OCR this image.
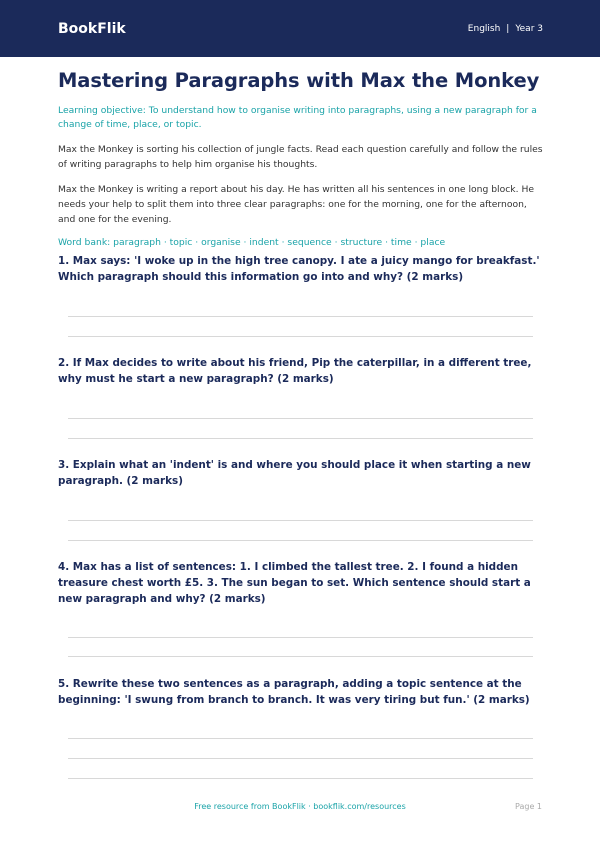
BookFlik	English | Year 3
Mastering Paragraphs with Max the Monkey

Learning objective: To understand how to organise writing into paragraphs, using a new paragraph for a change of time, place, or topic.

Max the Monkey is sorting his collection of jungle facts. Read each question carefully and follow the rules of writing paragraphs to help him organise his thoughts.

Max the Monkey is writing a report about his day. He has written all his sentences in one long block. He needs your help to split them into three clear paragraphs: one for the morning, one for the afternoon, and one for the evening.

Word bank: paragraph · topic · organise · indent · sequence · structure · time · place

1. Max says: 'I woke up in the high tree canopy. I ate a juicy mango for breakfast.' Which paragraph should this information go into and why? (2 marks)

2. If Max decides to write about his friend, Pip the caterpillar, in a different tree, why must he start a new paragraph? (2 marks)

3. Explain what an 'indent' is and where you should place it when starting a new paragraph. (2 marks)

4. Max has a list of sentences: 1. I climbed the tallest tree. 2. I found a hidden treasure chest worth £5. 3. The sun began to set. Which sentence should start a new paragraph and why? (2 marks)

5. Rewrite these two sentences as a paragraph, adding a topic sentence at the beginning: 'I swung from branch to branch. It was very tiring but fun.' (2 marks)

Free resource from BookFlik · bookflik.com/resources	Page 1
